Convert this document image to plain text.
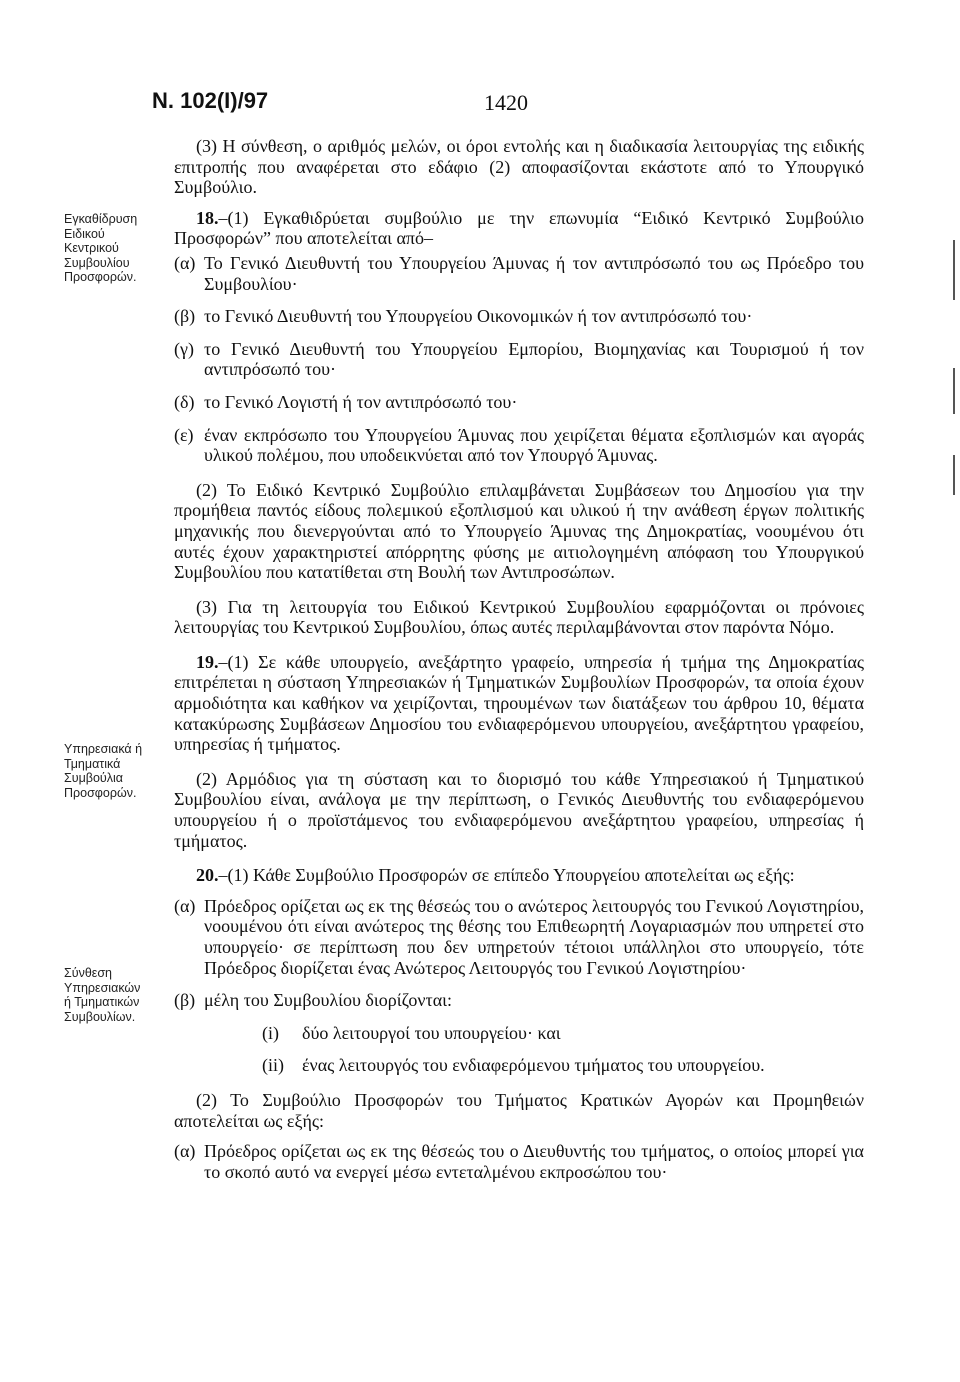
N. 102(I)/97	1420
Εγκαθίδρυση
Ειδικού
Κεντρικού
Συμβουλίου
Προσφορών.
Υπηρεσιακά ή
Τμηματικά
Συμβούλια
Προσφορών.
Σύνθεση
Υπηρεσιακών
ή Τμηματικών
Συμβουλίων.

(3) Η σύνθεση, ο αριθμός μελών, οι όροι εντολής και η διαδικασία λειτουργίας της ειδικής επιτροπής που αναφέρεται στο εδάφιο (2) αποφασίζονται εκάστοτε από το Υπουργικό Συμβούλιο.

18.–(1) Εγκαθιδρύεται συμβούλιο με την επωνυμία “Ειδικό Κεντρικό Συμβούλιο Προσφορών” που αποτελείται από–

(α) Το Γενικό Διευθυντή του Υπουργείου Άμυνας ή τον αντιπρόσωπό του ως Πρόεδρο του Συμβουλίου·
(β) το Γενικό Διευθυντή του Υπουργείου Οικονομικών ή τον αντιπρόσωπό του·
(γ) το Γενικό Διευθυντή του Υπουργείου Εμπορίου, Βιομηχανίας και Τουρισμού ή τον αντιπρόσωπό του·
(δ) το Γενικό Λογιστή ή τον αντιπρόσωπό του·
(ε) έναν εκπρόσωπο του Υπουργείου Άμυνας που χειρίζεται θέματα εξοπλισμών και αγοράς υλικού πολέμου, που υποδεικνύεται από τον Υπουργό Άμυνας.

(2) Το Ειδικό Κεντρικό Συμβούλιο επιλαμβάνεται Συμβάσεων του Δημοσίου για την προμήθεια παντός είδους πολεμικού εξοπλισμού και υλικού ή την ανάθεση έργων πολιτικής μηχανικής που διενεργούνται από το Υπουργείο Άμυνας της Δημοκρατίας, νοουμένου ότι αυτές έχουν χαρακτηριστεί απόρρητης φύσης με αιτιολογημένη απόφαση του Υπουργικού Συμβουλίου που κατατίθεται στη Βουλή των Αντιπροσώπων.

(3) Για τη λειτουργία του Ειδικού Κεντρικού Συμβουλίου εφαρμόζονται οι πρόνοιες λειτουργίας του Κεντρικού Συμβουλίου, όπως αυτές περιλαμβάνονται στον παρόντα Νόμο.

19.–(1) Σε κάθε υπουργείο, ανεξάρτητο γραφείο, υπηρεσία ή τμήμα της Δημοκρατίας επιτρέπεται η σύσταση Υπηρεσιακών ή Τμηματικών Συμβουλίων Προσφορών, τα οποία έχουν αρμοδιότητα και καθήκον να χειρίζονται, τηρουμένων των διατάξεων του άρθρου 10, θέματα κατακύρωσης Συμβάσεων Δημοσίου του ενδιαφερόμενου υπουργείου, ανεξάρτητου γραφείου, υπηρεσίας ή τμήματος.

(2) Αρμόδιος για τη σύσταση και το διορισμό του κάθε Υπηρεσιακού ή Τμηματικού Συμβουλίου είναι, ανάλογα με την περίπτωση, ο Γενικός Διευθυντής του ενδιαφερόμενου υπουργείου ή ο προϊστάμενος του ενδιαφερόμενου ανεξάρτητου γραφείου, υπηρεσίας ή τμήματος.

20.–(1) Κάθε Συμβούλιο Προσφορών σε επίπεδο Υπουργείου αποτελείται ως εξής:

(α) Πρόεδρος ορίζεται ως εκ της θέσεώς του ο ανώτερος λειτουργός του Γενικού Λογιστηρίου, νοουμένου ότι είναι ανώτερος της θέσης του Επιθεωρητή Λογαριασμών που υπηρετεί στο υπουργείο· σε περίπτωση που δεν υπηρετούν τέτοιοι υπάλληλοι στο υπουργείο, τότε Πρόεδρος διορίζεται ένας Ανώτερος Λειτουργός του Γενικού Λογιστηρίου·
(β) μέλη του Συμβουλίου διορίζονται:
(i)	δύο λειτουργοί του υπουργείου· και
(ii)	ένας λειτουργός του ενδιαφερόμενου τμήματος του υπουργείου.

(2) Το Συμβούλιο Προσφορών του Τμήματος Κρατικών Αγορών και Προμηθειών αποτελείται ως εξής:

(α) Πρόεδρος ορίζεται ως εκ της θέσεώς του ο Διευθυντής του τμήματος, ο οποίος μπορεί για το σκοπό αυτό να ενεργεί μέσω εντεταλμένου εκπροσώπου του·
